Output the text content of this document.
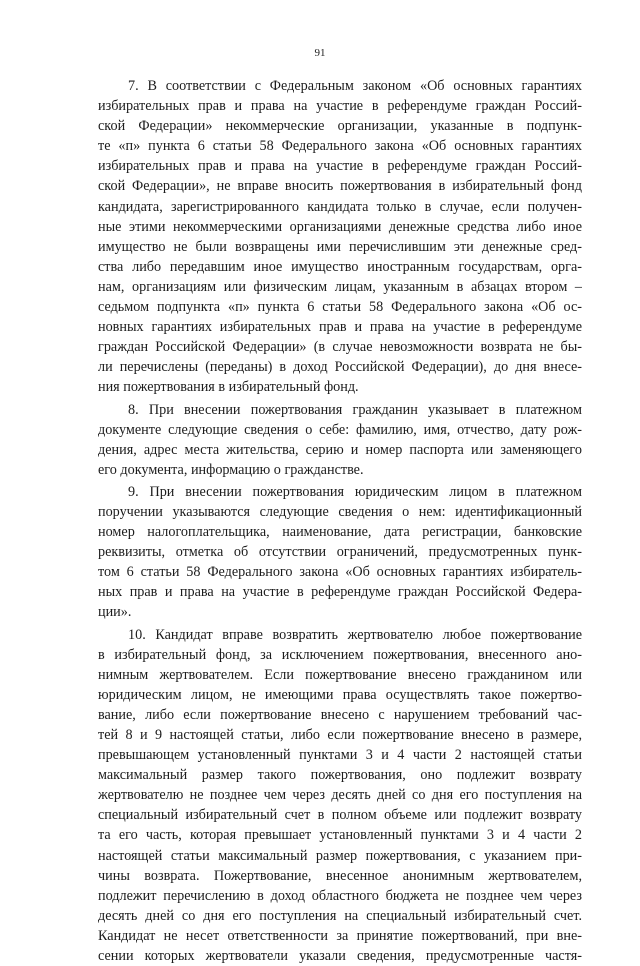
91
7. В соответствии с Федеральным законом «Об основных гарантиях
избирательных прав и права на участие в референдуме граждан Россий-
ской Федерации» некоммерческие организации, указанные в подпунк-
те «п» пункта 6 статьи 58 Федерального закона «Об основных гарантиях
избирательных прав и права на участие в референдуме граждан Россий-
ской Федерации», не вправе вносить пожертвования в избирательный фонд
кандидата, зарегистрированного кандидата только в случае, если получен-
ные этими некоммерческими организациями денежные средства либо иное
имущество не были возвращены ими перечислившим эти денежные сред-
ства либо передавшим иное имущество иностранным государствам, орга-
нам, организациям или физическим лицам, указанным в абзацах втором –
седьмом подпункта «п» пункта 6 статьи 58 Федерального закона «Об ос-
новных гарантиях избирательных прав и права на участие в референдуме
граждан Российской Федерации» (в случае невозможности возврата не бы-
ли перечислены (переданы) в доход Российской Федерации), до дня внесе-
ния пожертвования в избирательный фонд.
8. При внесении пожертвования гражданин указывает в платежном
документе следующие сведения о себе: фамилию, имя, отчество, дату рож-
дения, адрес места жительства, серию и номер паспорта или заменяющего
его документа, информацию о гражданстве.
9. При внесении пожертвования юридическим лицом в платежном
поручении указываются следующие сведения о нем: идентификационный
номер налогоплательщика, наименование, дата регистрации, банковские
реквизиты, отметка об отсутствии ограничений, предусмотренных пунк-
том 6 статьи 58 Федерального закона «Об основных гарантиях избиратель-
ных прав и права на участие в референдуме граждан Российской Федера-
ции».
10. Кандидат вправе возвратить жертвователю любое пожертвование
в избирательный фонд, за исключением пожертвования, внесенного ано-
нимным жертвователем. Если пожертвование внесено гражданином или
юридическим лицом, не имеющими права осуществлять такое пожертво-
вание, либо если пожертвование внесено с нарушением требований час-
тей 8 и 9 настоящей статьи, либо если пожертвование внесено в размере,
превышающем установленный пунктами 3 и 4 части 2 настоящей статьи
максимальный размер такого пожертвования, оно подлежит возврату
жертвователю не позднее чем через десять дней со дня его поступления на
специальный избирательный счет в полном объеме или подлежит возврату
та его часть, которая превышает установленный пунктами 3 и 4 части 2
настоящей статьи максимальный размер пожертвования, с указанием при-
чины возврата. Пожертвование, внесенное анонимным жертвователем,
подлежит перечислению в доход областного бюджета не позднее чем через
десять дней со дня его поступления на специальный избирательный счет.
Кандидат не несет ответственности за принятие пожертвований, при вне-
сении которых жертвователи указали сведения, предусмотренные частя-
